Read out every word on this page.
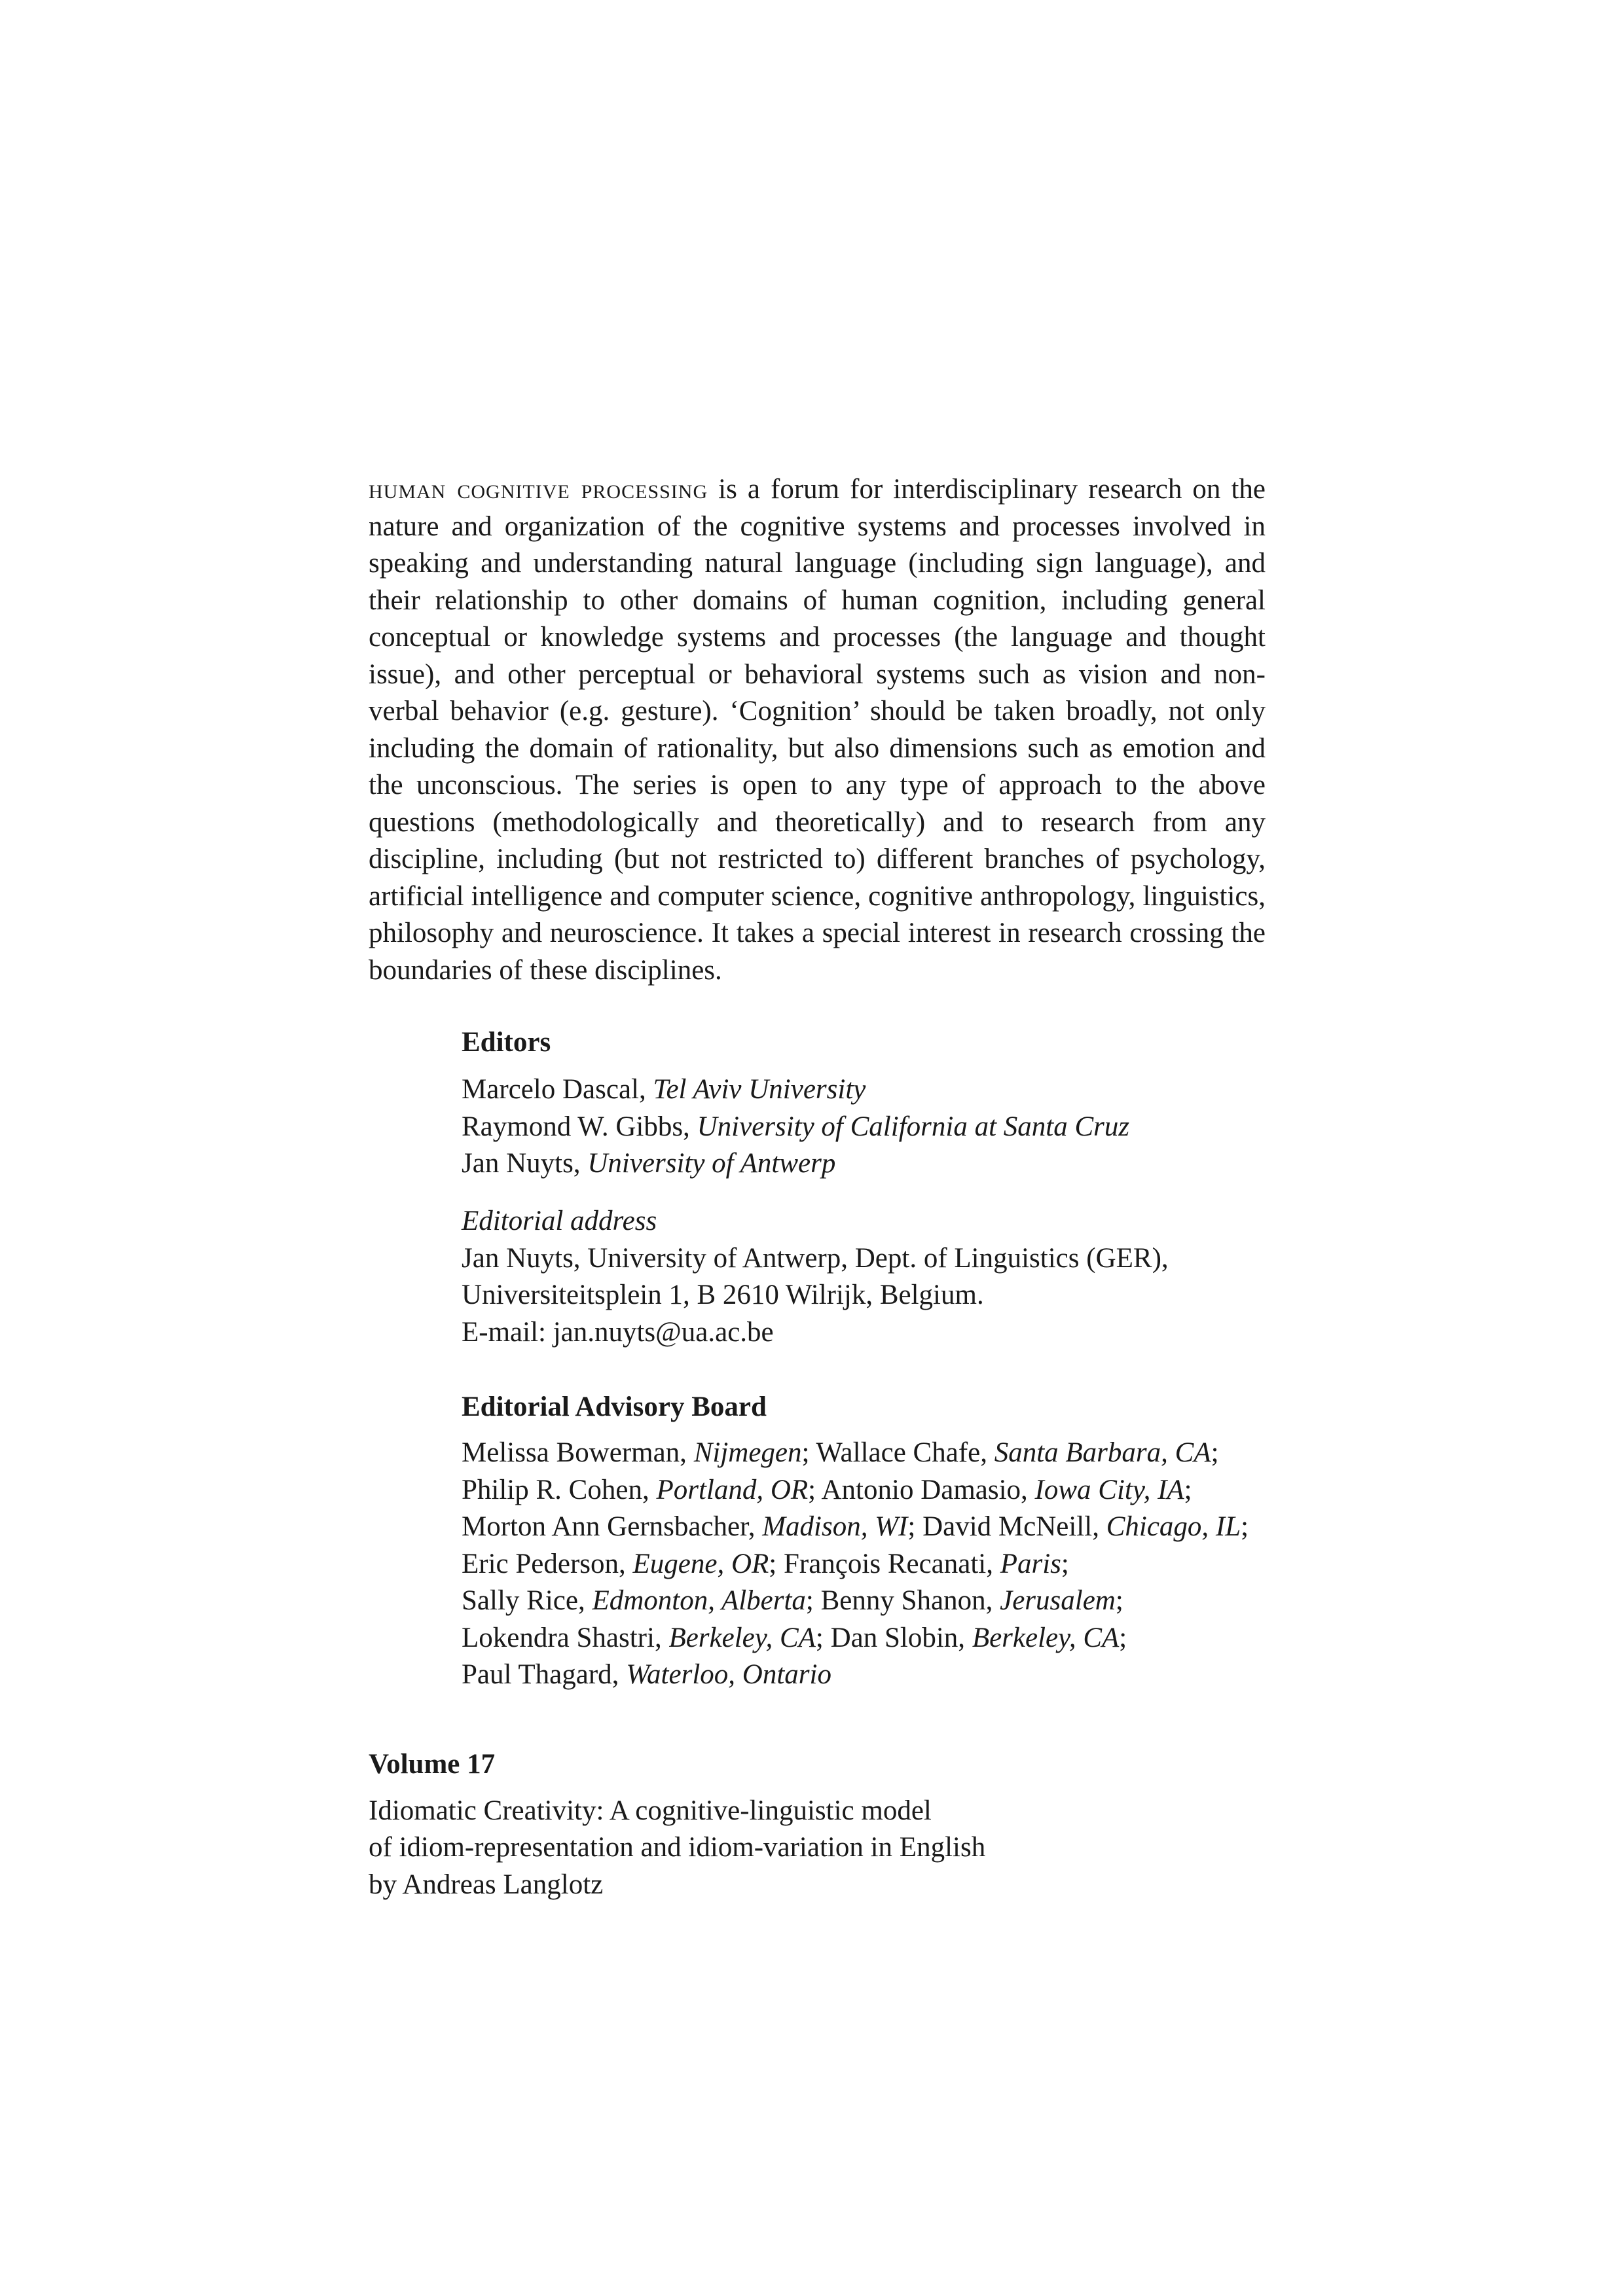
human cognitive processing is a forum for interdisciplinary research on the nature and organization of the cognitive systems and processes involved in speaking and understanding natural language (including sign language), and their relationship to other domains of human cognition, including general conceptual or knowledge systems and processes (the language and thought issue), and other perceptual or behavioral systems such as vision and non-verbal behavior (e.g. gesture). ‘Cognition’ should be taken broadly, not only including the domain of rationality, but also dimensions such as emotion and the unconscious. The series is open to any type of approach to the above questions (methodologically and theoretically) and to research from any discipline, including (but not restricted to) different branches of psychology, artificial intelligence and computer science, cognitive anthropology, linguistics, philosophy and neuroscience. It takes a special interest in research crossing the boundaries of these disciplines.

Editors

Marcelo Dascal, Tel Aviv University

Raymond W. Gibbs, University of California at Santa Cruz

Jan Nuyts, University of Antwerp

Editorial address

Jan Nuyts, University of Antwerp, Dept. of Linguistics (GER),

Universiteitsplein 1, B 2610 Wilrijk, Belgium.

E-mail: jan.nuyts@ua.ac.be

Editorial Advisory Board

Melissa Bowerman, Nijmegen; Wallace Chafe, Santa Barbara, CA;

Philip R. Cohen, Portland, OR; Antonio Damasio, Iowa City, IA;

Morton Ann Gernsbacher, Madison, WI; David McNeill, Chicago, IL;

Eric Pederson, Eugene, OR; François Recanati, Paris;

Sally Rice, Edmonton, Alberta; Benny Shanon, Jerusalem;

Lokendra Shastri, Berkeley, CA; Dan Slobin, Berkeley, CA;

Paul Thagard, Waterloo, Ontario

Volume 17

Idiomatic Creativity: A cognitive-linguistic model

of idiom-representation and idiom-variation in English

by Andreas Langlotz
